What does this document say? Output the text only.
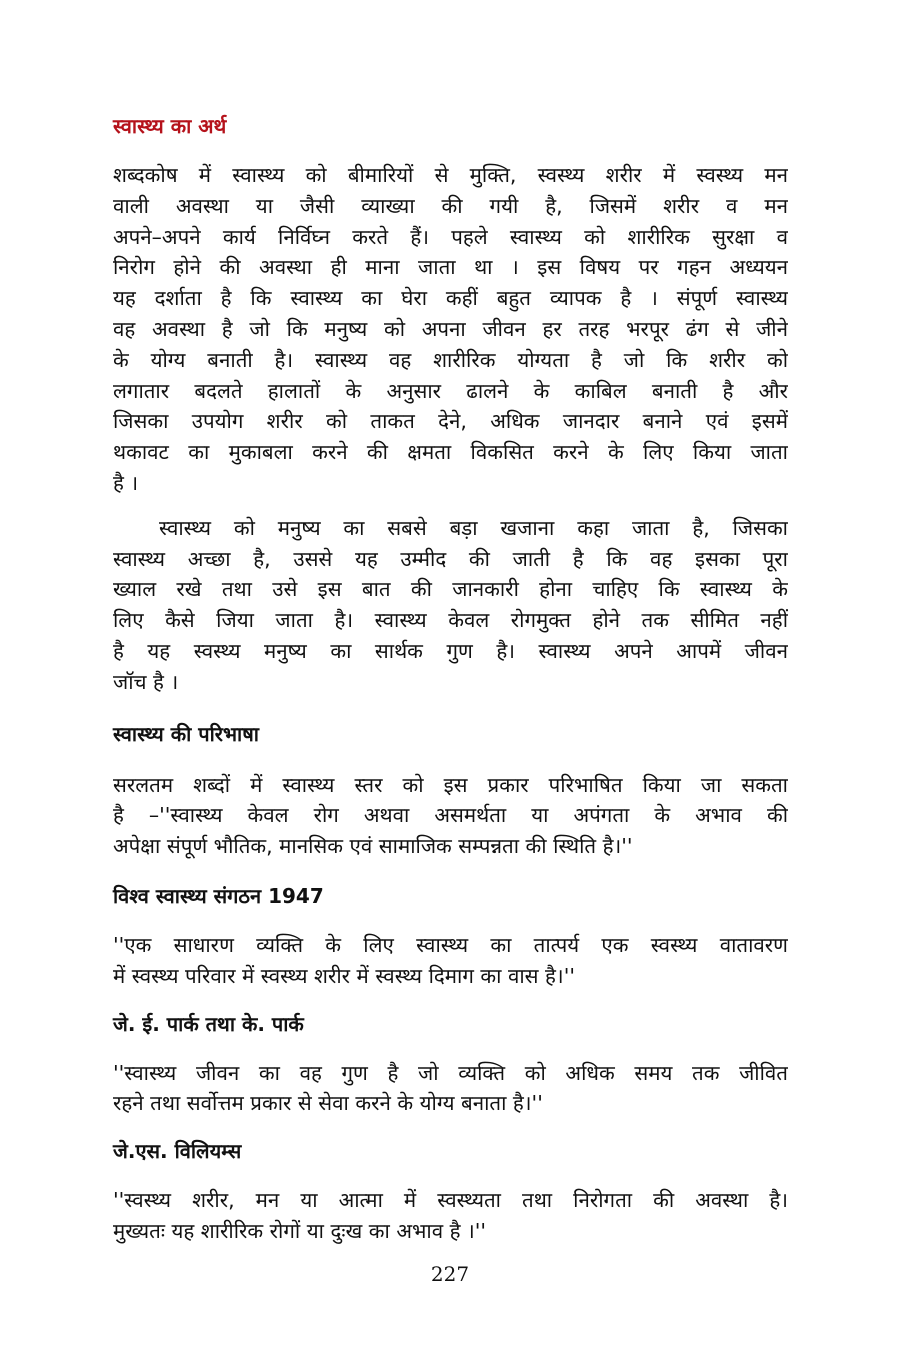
स्वास्थ्य का अर्थ

शब्दकोष में स्वास्थ्य को बीमारियों से मुक्ति, स्वस्थ्य शरीर में स्वस्थ्य मन
वाली अवस्था या जैसी व्याख्या की गयी है, जिसमें शरीर व मन
अपने–अपने कार्य निर्विघ्न करते हैं। पहले स्वास्थ्य को शारीरिक सुरक्षा व
निरोग होने की अवस्था ही माना जाता था । इस विषय पर गहन अध्ययन
यह दर्शाता है कि स्वास्थ्य का घेरा कहीं बहुत व्यापक है । संपूर्ण स्वास्थ्य
वह अवस्था है जो कि मनुष्य को अपना जीवन हर तरह भरपूर ढंग से जीने
के योग्य बनाती है। स्वास्थ्य वह शारीरिक योग्यता है जो कि शरीर को
लगातार बदलते हालातों के अनुसार ढालने के काबिल बनाती है और
जिसका उपयोग शरीर को ताकत देने, अधिक जानदार बनाने एवं इसमें
थकावट का मुकाबला करने की क्षमता विकसित करने के लिए किया जाता
है ।

स्वास्थ्य को मनुष्य का सबसे बड़ा खजाना कहा जाता है, जिसका
स्वास्थ्य अच्छा है, उससे यह उम्मीद की जाती है कि वह इसका पूरा
ख्याल रखे तथा उसे इस बात की जानकारी होना चाहिए कि स्वास्थ्य के
लिए कैसे जिया जाता है। स्वास्थ्य केवल रोगमुक्त होने तक सीमित नहीं
है यह स्वस्थ्य मनुष्य का सार्थक गुण है। स्वास्थ्य अपने आपमें जीवन
जॉच है ।

स्वास्थ्य की परिभाषा

सरलतम शब्दों में स्वास्थ्य स्तर को इस प्रकार परिभाषित किया जा सकता
है –''स्वास्थ्य केवल रोग अथवा असमर्थता या अपंगता के अभाव की
अपेक्षा संपूर्ण भौतिक, मानसिक एवं सामाजिक सम्पन्नता की स्थिति है।''

विश्व स्वास्थ्य संगठन 1947

''एक साधारण व्यक्ति के लिए स्वास्थ्य का तात्पर्य एक स्वस्थ्य वातावरण
में स्वस्थ्य परिवार में स्वस्थ्य शरीर में स्वस्थ्य दिमाग का वास है।''

जे. ई. पार्क तथा के. पार्क

''स्वास्थ्य जीवन का वह गुण है जो व्यक्ति को अधिक समय तक जीवित
रहने तथा सर्वोत्तम प्रकार से सेवा करने के योग्य बनाता है।''

जे.एस. विलियम्स

''स्वस्थ्य शरीर, मन या आत्मा में स्वस्थ्यता तथा निरोगता की अवस्था है।
मुख्यतः यह शारीरिक रोगों या दुःख का अभाव है ।''

227
